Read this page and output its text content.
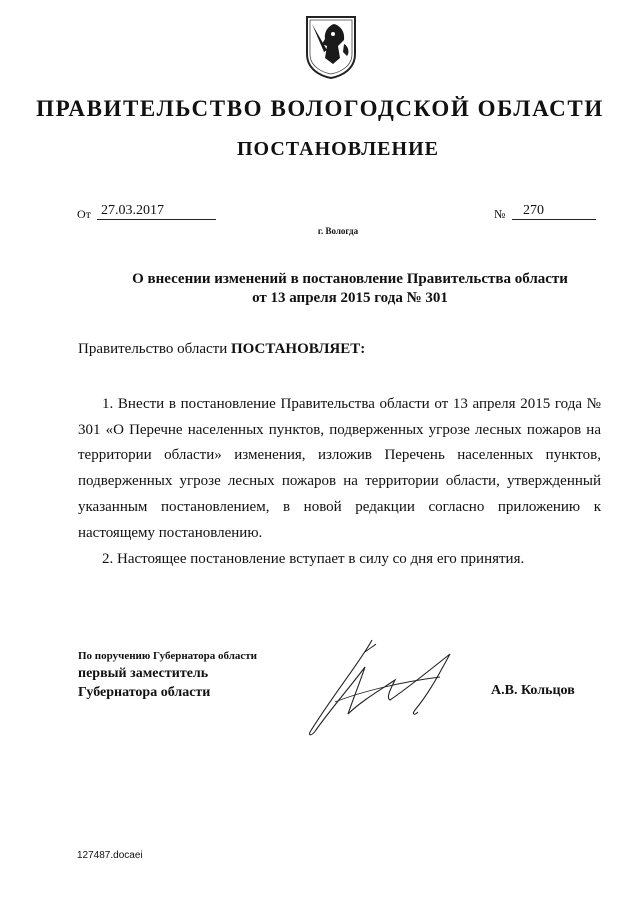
ПРАВИТЕЛЬСТВО ВОЛОГОДСКОЙ ОБЛАСТИ
ПОСТАНОВЛЕНИЕ
От 27.03.2017	№	270
г. Вологда
О внесении изменений в постановление Правительства области
от 13 апреля 2015 года № 301
Правительство области ПОСТАНОВЛЯЕТ:
1. Внести в постановление Правительства области от 13 апреля 2015 года № 301 «О Перечне населенных пунктов, подверженных угрозе лесных пожаров на территории области» изменения, изложив Перечень населенных пунктов, подверженных угрозе лесных пожаров на территории области, утвержденный указанным постановлением, в новой редакции согласно приложению к настоящему постановлению.
2. Настоящее постановление вступает в силу со дня его принятия.
По поручению Губернатора области
первый заместитель
Губернатора области	А.В. Кольцов
127487.docaei
